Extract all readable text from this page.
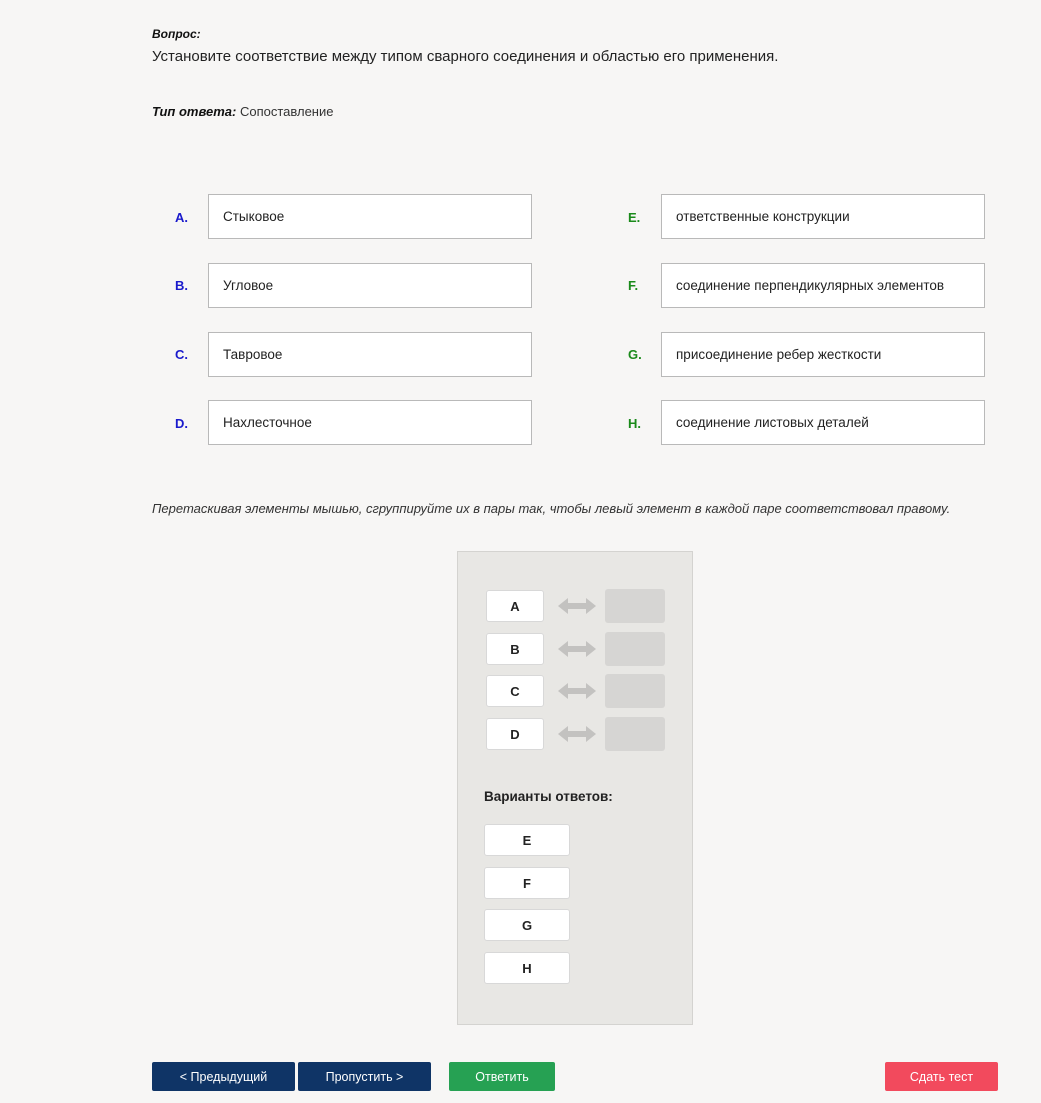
Вопрос:
Установите соответствие между типом сварного соединения и областью его применения.
Тип ответа: Сопоставление
A.	Стыковое
B.	Угловое
C.	Тавровое
D.	Нахлесточное
E.	ответственные конструкции
F.	соединение перпендикулярных элементов
G.	присоединение ребер жесткости
H.	соединение листовых деталей
Перетаскивая элементы мышью, сгруппируйте их в пары так, чтобы левый элемент в каждой паре соответствовал правому.
A
B
C
D
Варианты ответов:
E
F
G
H
< Предыдущий	Пропустить >	Ответить	Сдать тест
